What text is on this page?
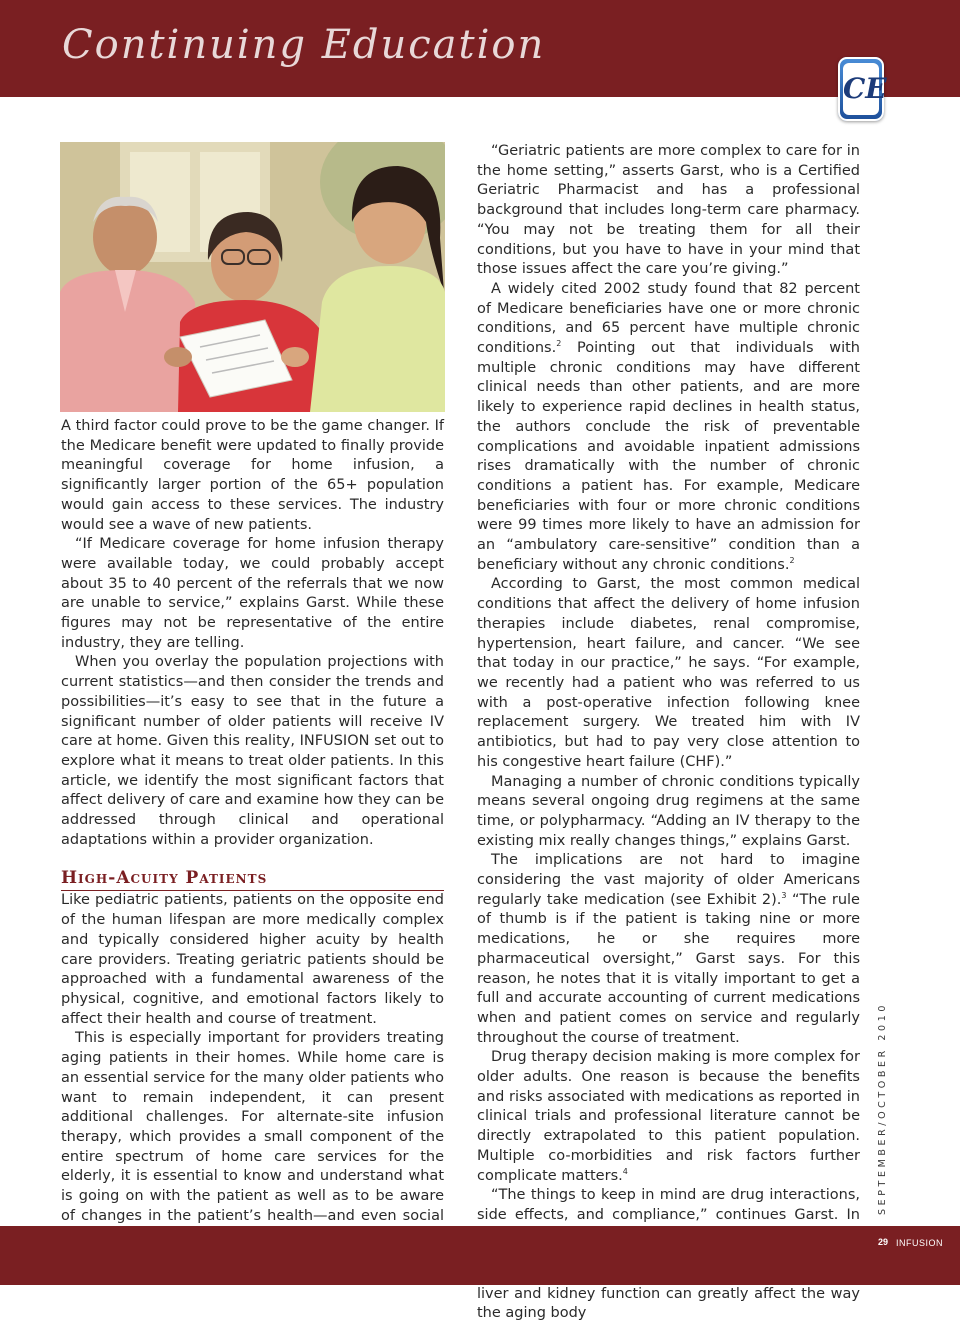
Continuing Education
CE

A third factor could prove to be the game changer. If the Medicare benefit were updated to finally provide meaningful coverage for home infusion, a significantly larger portion of the 65+ population would gain access to these services. The industry would see a wave of new patients.

“If Medicare coverage for home infusion therapy were available today, we could probably accept about 35 to 40 percent of the referrals that we now are unable to service,” explains Garst. While these figures may not be representative of the entire industry, they are telling.

When you overlay the population projections with current statistics—and then consider the trends and possibilities—it’s easy to see that in the future a significant number of older patients will receive IV care at home. Given this reality, INFUSION set out to explore what it means to treat older patients. In this article, we identify the most significant factors that affect delivery of care and examine how they can be addressed through clinical and operational adaptations within a provider organization.

High-Acuity Patients

Like pediatric patients, patients on the opposite end of the human lifespan are more medically complex and typically considered higher acuity by health care providers. Treating geriatric patients should be approached with a fundamental awareness of the physical, cognitive, and emotional factors likely to affect their health and course of treatment.

This is especially important for providers treating aging patients in their homes. While home care is an essential service for the many older patients who want to remain independent, it can present additional challenges. For alternate-site infusion therapy, which provides a small component of the entire spectrum of home care services for the elderly, it is essential to know and understand what is going on with the patient as well as to be aware of changes in the patient’s health—and even social

“Geriatric patients are more complex to care for in the home setting,” asserts Garst, who is a Certified Geriatric Pharmacist and has a professional background that includes long-term care pharmacy. “You may not be treating them for all their conditions, but you have to have in your mind that those issues affect the care you’re giving.”

A widely cited 2002 study found that 82 percent of Medicare beneficiaries have one or more chronic conditions, and 65 percent have multiple chronic conditions.$^2$ Pointing out that individuals with multiple chronic conditions may have different clinical needs than other patients, and are more likely to experience rapid declines in health status, the authors conclude the risk of preventable complications and avoidable inpatient admissions rises dramatically with the number of chronic conditions a patient has. For example, Medicare beneficiaries with four or more chronic conditions were 99 times more likely to have an admission for an “ambulatory care-sensitive” condition than a beneficiary without any chronic conditions.$^2$

According to Garst, the most common medical conditions that affect the delivery of home infusion therapies include diabetes, renal compromise, hypertension, heart failure, and cancer. “We see that today in our practice,” he says. “For example, we recently had a patient who was referred to us with a post-operative infection following knee replacement surgery. We treated him with IV antibiotics, but had to pay very close attention to his congestive heart failure (CHF).”

Managing a number of chronic conditions typically means several ongoing drug regimens at the same time, or polypharmacy. “Adding an IV therapy to the existing mix really changes things,” explains Garst.

The implications are not hard to imagine considering the vast majority of older Americans regularly take medication (see Exhibit 2).$^3$ “The rule of thumb is if the patient is taking nine or more medications, he or she requires more pharmaceutical oversight,” Garst says. For this reason, he notes that it is vitally important to get a full and accurate accounting of current medications when and patient comes on service and regularly throughout the course of treatment.

Drug therapy decision making is more complex for older adults. One reason is because the benefits and risks associated with medications as reported in clinical trials and professional literature cannot be directly extrapolated to this patient population. Multiple co-morbidities and risk factors further complicate matters.$^4$

“The things to keep in mind are drug interactions, side effects, and compliance,” continues Garst. In liver and kidney function can greatly affect the way the aging body

SEPTEMBER/OCTOBER 2010
29 INFUSION
